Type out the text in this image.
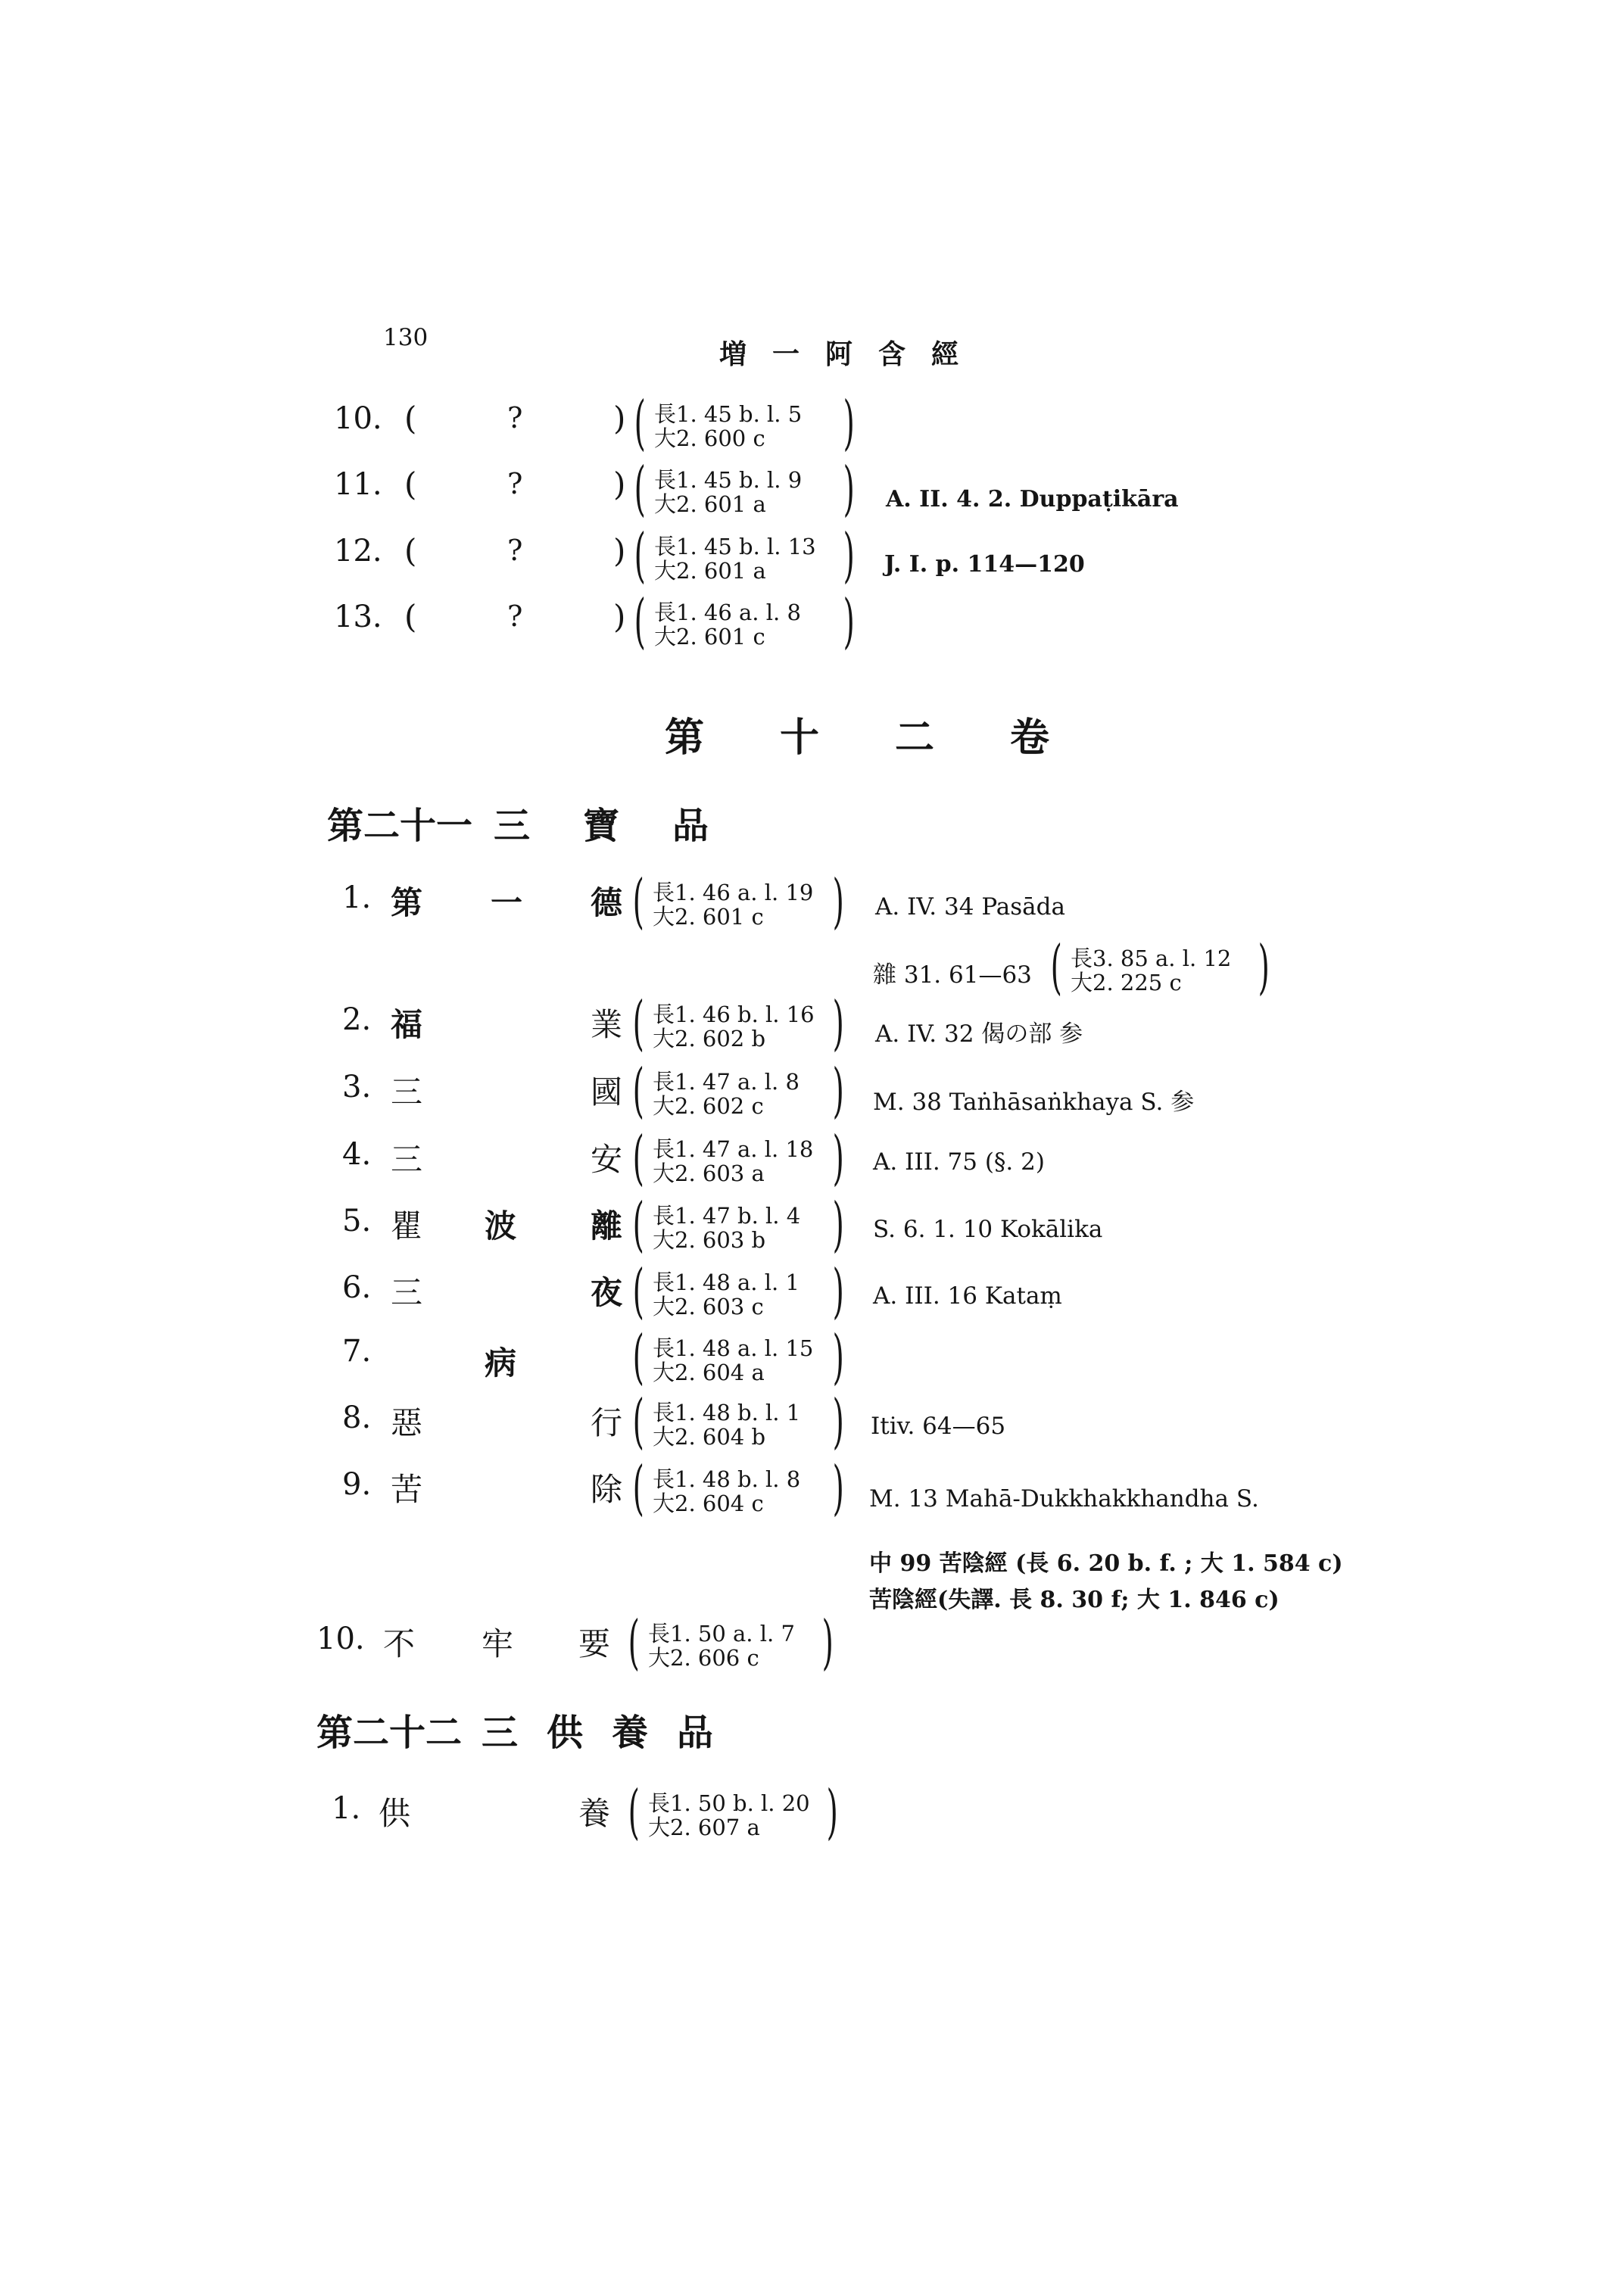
130
増一阿含經
10. (	?	) (	)
長1. 45 b. l. 5
大2. 600 c
11. (	?	) (	)
長1. 45 b. l. 9
大2. 601 a	A. II. 4. 2. Duppaṭikāra
12. (	?	) (	)
長1. 45 b. l. 13
大2. 601 a	J. I. p. 114—120
13. (	?	) (	)
長1. 46 a. l. 8
大2. 601 c
第十二卷
第二十一 三寶品
1. 第 一 德 (	)
長1. 46 a. l. 19
大2. 601 c	A. IV. 34 Pasāda
雜 31. 61—63 (	)
長3. 85 a. l. 12
大2. 225 c
2. 福	業 (	)
長1. 46 b. l. 16
大2. 602 b	A. IV. 32 偈の部 参
3. 三	國 (	)
長1. 47 a. l. 8
大2. 602 c	M. 38 Taṅhāsaṅkhaya S. 参
4. 三	安 (	)
長1. 47 a. l. 18
大2. 603 a	A. III. 75 (§. 2)
5. 瞿 波 離 (	)
長1. 47 b. l. 4
大2. 603 b	S. 6. 1. 10 Kokālika
6. 三	夜 (	)
長1. 48 a. l. 1
大2. 603 c	A. III. 16 Kataṃ
7.	病 (	)
長1. 48 a. l. 15
大2. 604 a
8. 惡	行 (	)
長1. 48 b. l. 1
大2. 604 b	Itiv. 64—65
9. 苦	除 (	)
長1. 48 b. l. 8
大2. 604 c	M. 13 Mahā-Dukkhakkhandha S.
中 99 苦陰經 (長 6. 20 b. f. ; 大 1. 584 c)
苦陰經(失譯. 長 8. 30 f; 大 1. 846 c)
10. 不 牢 要 (	)
長1. 50 a. l. 7
大2. 606 c
第二十二 三供養品
1. 供	養 (	)
長1. 50 b. l. 20
大2. 607 a
